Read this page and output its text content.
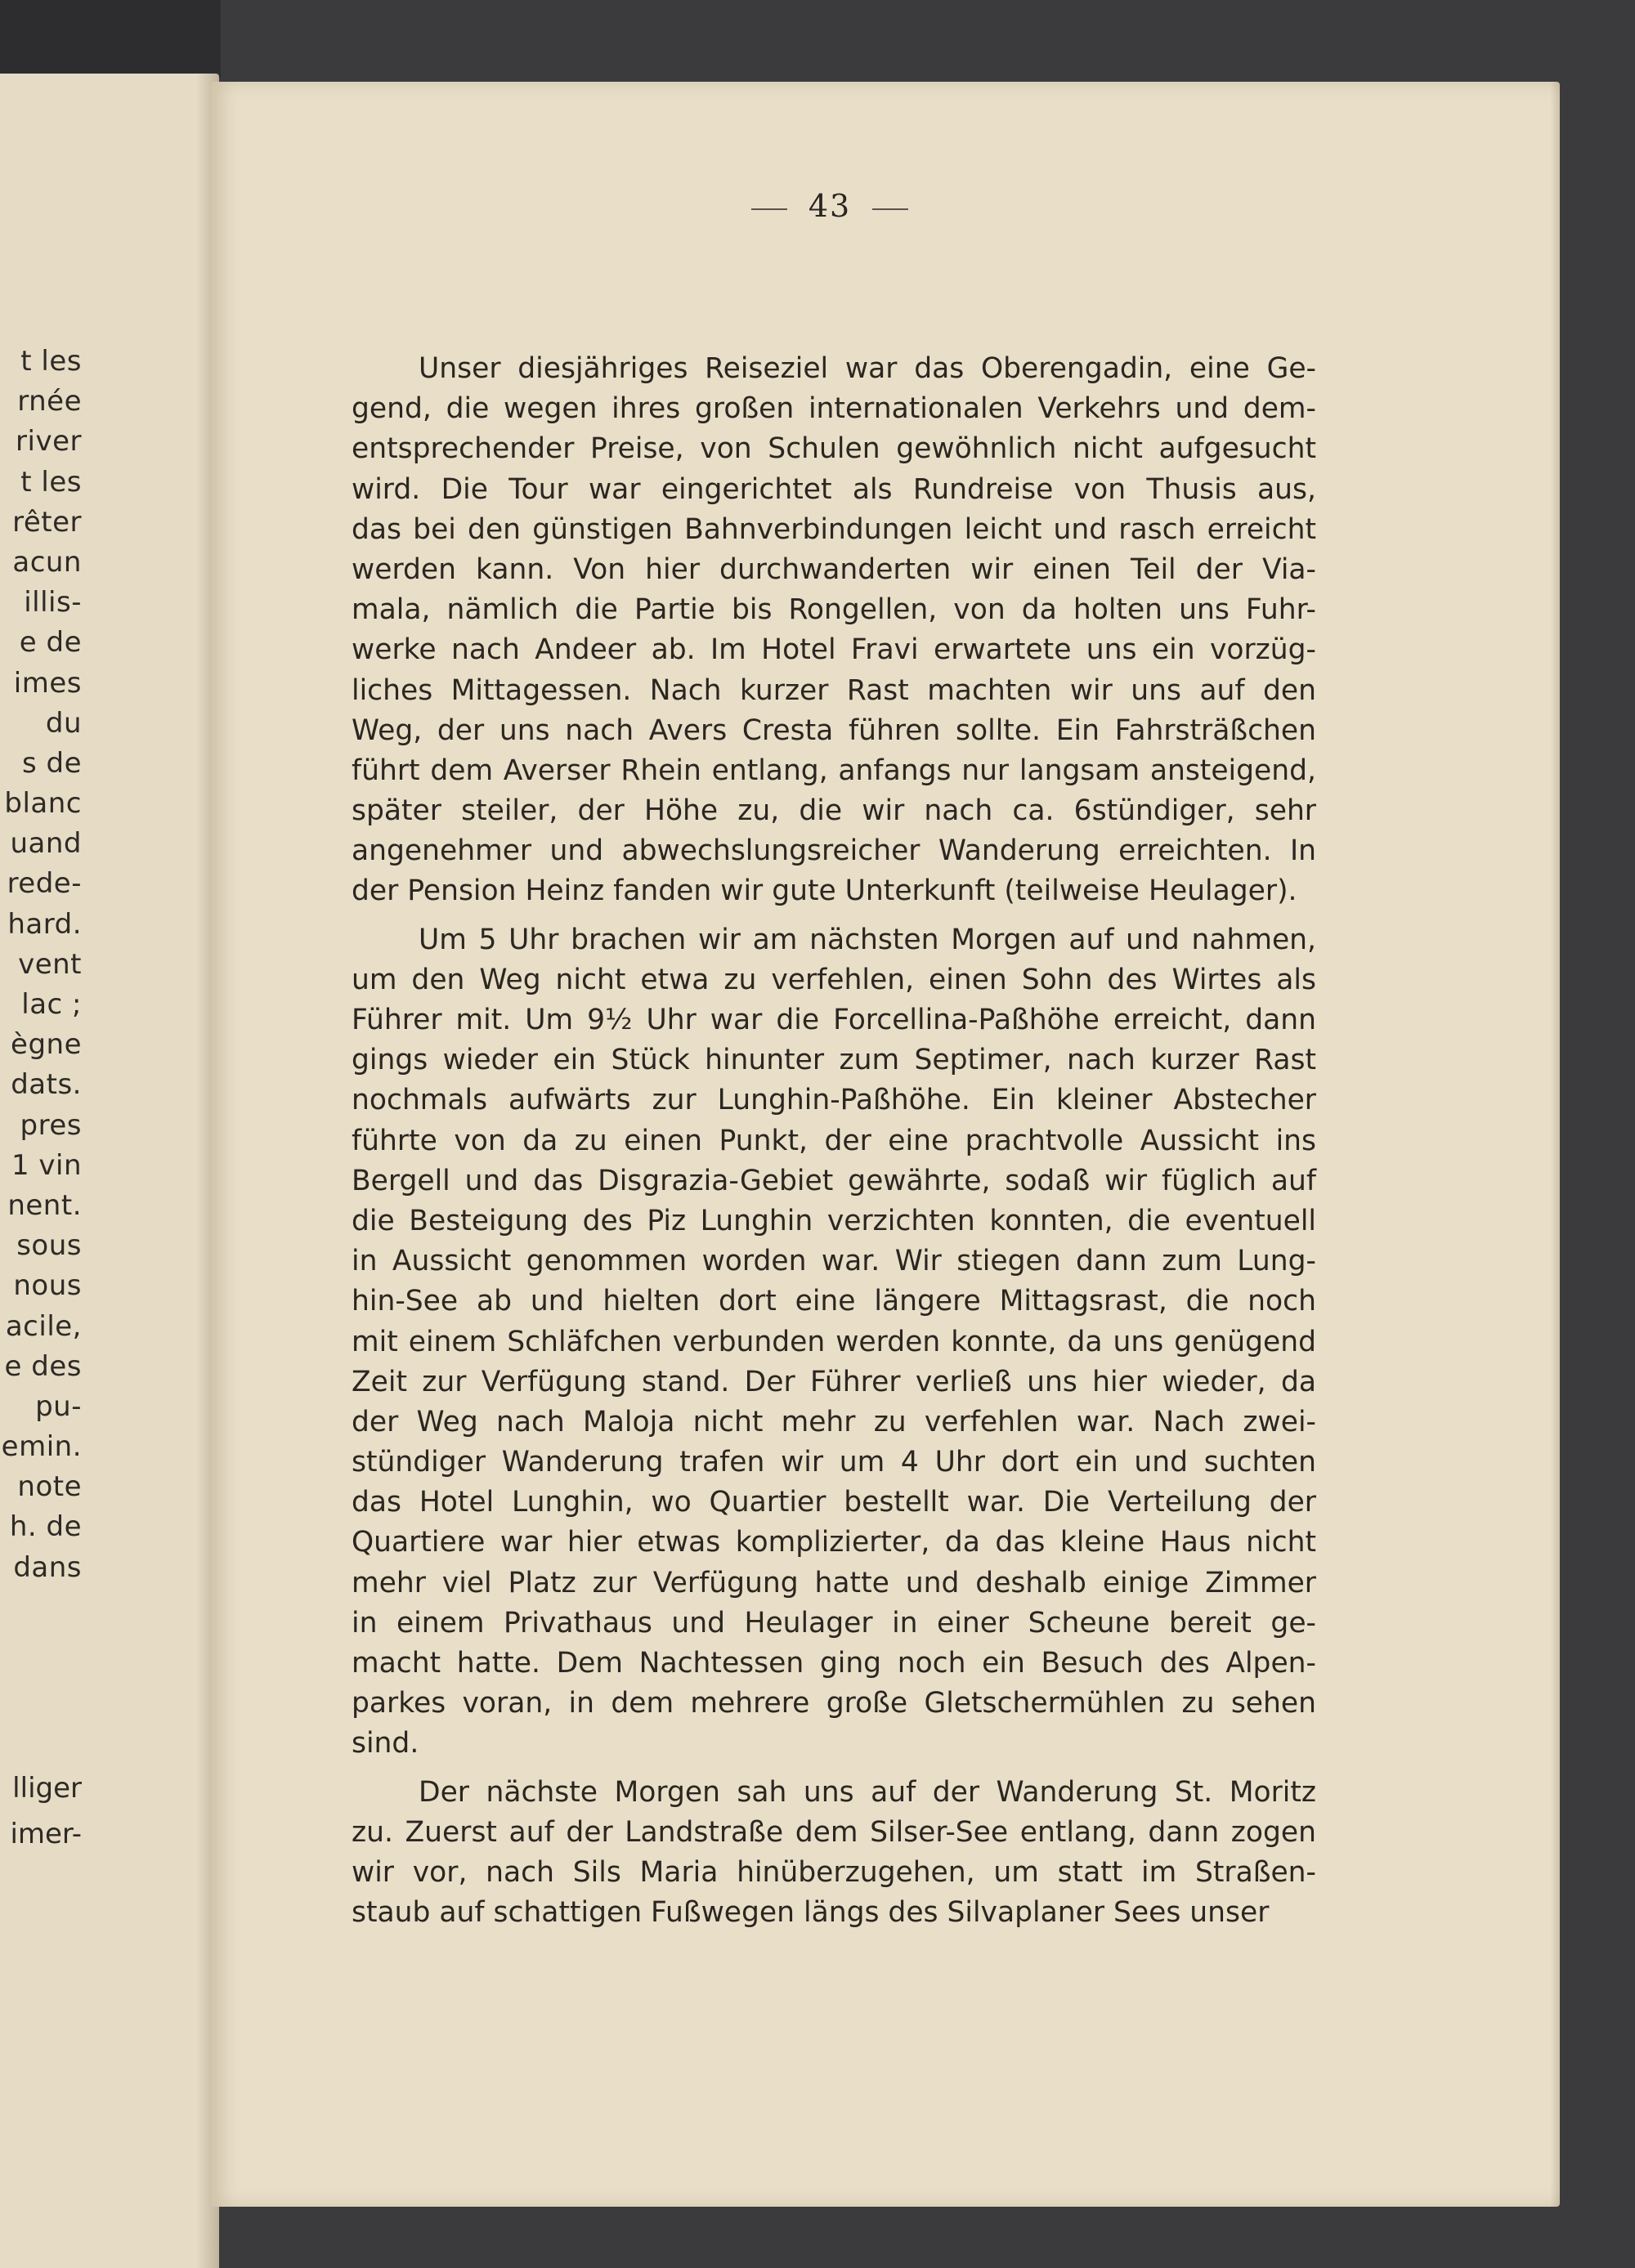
t les
rnée
river
t les
rêter
acun
illis-
e de
imes
du
s de
blanc
uand
rede-
hard.
vent
lac ;
ègne
dats.
pres
1 vin
nent.
sous
nous
acile,
e des
pu-
emin.
note
h. de
dans
lliger
imer-
43
Unser diesjähriges Reiseziel war das Oberengadin, eine Ge-
gend, die wegen ihres großen internationalen Verkehrs und dem-
entsprechender Preise, von Schulen gewöhnlich nicht aufgesucht
wird. Die Tour war eingerichtet als Rundreise von Thusis aus,
das bei den günstigen Bahnverbindungen leicht und rasch erreicht
werden kann. Von hier durchwanderten wir einen Teil der Via-
mala, nämlich die Partie bis Rongellen, von da holten uns Fuhr-
werke nach Andeer ab. Im Hotel Fravi erwartete uns ein vorzüg-
liches Mittagessen. Nach kurzer Rast machten wir uns auf den
Weg, der uns nach Avers Cresta führen sollte. Ein Fahrsträßchen
führt dem Averser Rhein entlang, anfangs nur langsam ansteigend,
später steiler, der Höhe zu, die wir nach ca. 6stündiger, sehr
angenehmer und abwechslungsreicher Wanderung erreichten. In
der Pension Heinz fanden wir gute Unterkunft (teilweise Heulager).
Um 5 Uhr brachen wir am nächsten Morgen auf und nahmen,
um den Weg nicht etwa zu verfehlen, einen Sohn des Wirtes als
Führer mit. Um 9½ Uhr war die Forcellina-Paßhöhe erreicht, dann
gings wieder ein Stück hinunter zum Septimer, nach kurzer Rast
nochmals aufwärts zur Lunghin-Paßhöhe. Ein kleiner Abstecher
führte von da zu einen Punkt, der eine prachtvolle Aussicht ins
Bergell und das Disgrazia-Gebiet gewährte, sodaß wir füglich auf
die Besteigung des Piz Lunghin verzichten konnten, die eventuell
in Aussicht genommen worden war. Wir stiegen dann zum Lung-
hin-See ab und hielten dort eine längere Mittagsrast, die noch
mit einem Schläfchen verbunden werden konnte, da uns genügend
Zeit zur Verfügung stand. Der Führer verließ uns hier wieder, da
der Weg nach Maloja nicht mehr zu verfehlen war. Nach zwei-
stündiger Wanderung trafen wir um 4 Uhr dort ein und suchten
das Hotel Lunghin, wo Quartier bestellt war. Die Verteilung der
Quartiere war hier etwas komplizierter, da das kleine Haus nicht
mehr viel Platz zur Verfügung hatte und deshalb einige Zimmer
in einem Privathaus und Heulager in einer Scheune bereit ge-
macht hatte. Dem Nachtessen ging noch ein Besuch des Alpen-
parkes voran, in dem mehrere große Gletschermühlen zu sehen
sind.
Der nächste Morgen sah uns auf der Wanderung St. Moritz
zu. Zuerst auf der Landstraße dem Silser-See entlang, dann zogen
wir vor, nach Sils Maria hinüberzugehen, um statt im Straßen-
staub auf schattigen Fußwegen längs des Silvaplaner Sees unser
